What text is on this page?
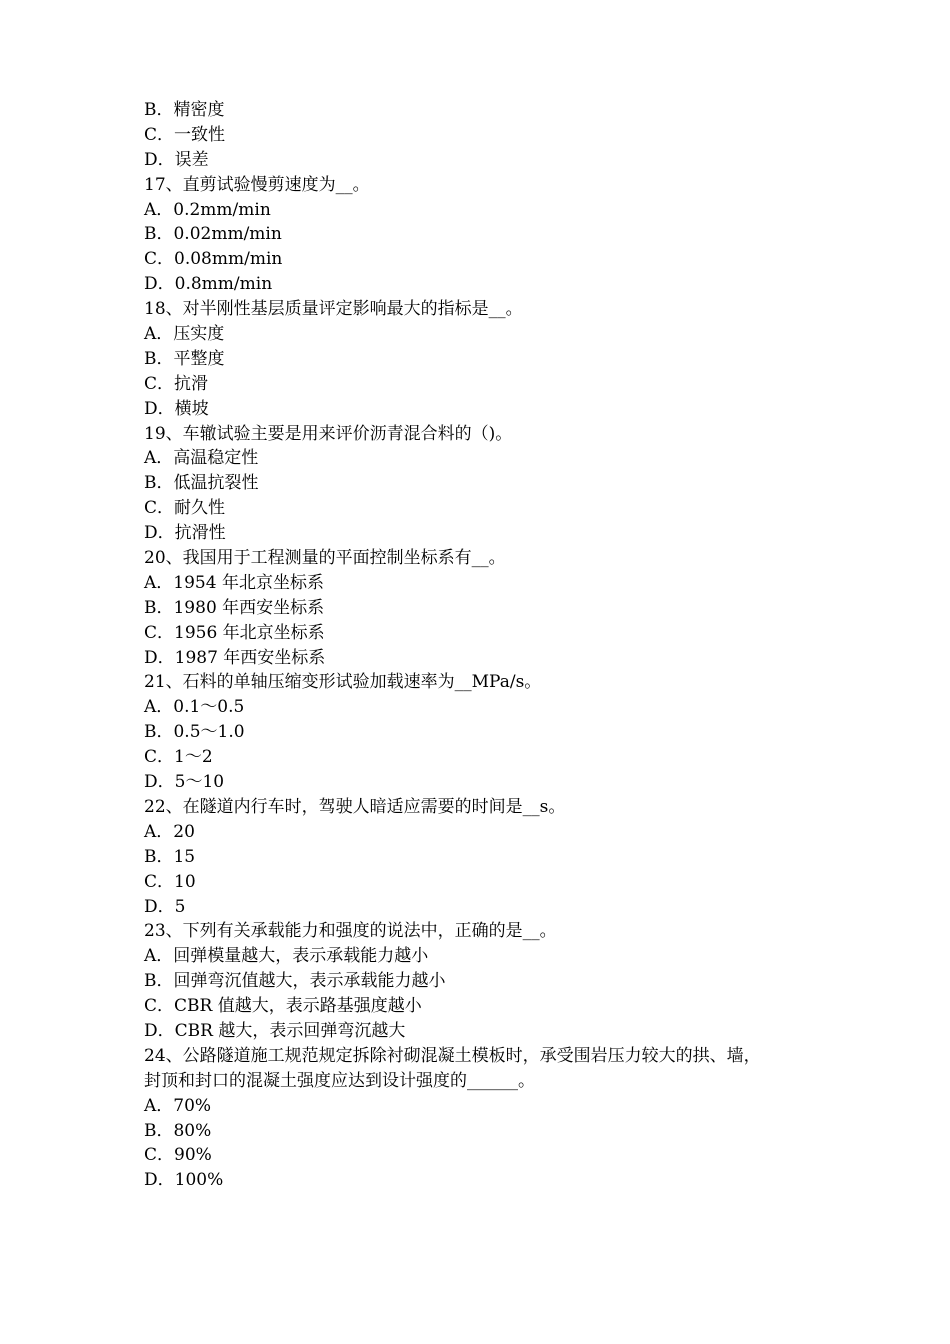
B．精密度
C．一致性
D．误差
17、直剪试验慢剪速度为__。
A．0.2mm/min
B．0.02mm/min
C．0.08mm/min
D．0.8mm/min
18、对半刚性基层质量评定影响最大的指标是__。
A．压实度
B．平整度
C．抗滑
D．横坡
19、车辙试验主要是用来评价沥青混合料的（)。
A．高温稳定性
B．低温抗裂性
C．耐久性
D．抗滑性
20、我国用于工程测量的平面控制坐标系有__。
A．1954 年北京坐标系
B．1980 年西安坐标系
C．1956 年北京坐标系
D．1987 年西安坐标系
21、石料的单轴压缩变形试验加载速率为__MPa/s。
A．0.1～0.5
B．0.5～1.0
C．1～2
D．5～10
22、在隧道内行车时，驾驶人暗适应需要的时间是__s。
A．20
B．15
C．10
D．5
23、下列有关承载能力和强度的说法中，正确的是__。
A．回弹模量越大，表示承载能力越小
B．回弹弯沉值越大，表示承载能力越小
C．CBR 值越大，表示路基强度越小
D．CBR 越大，表示回弹弯沉越大
24、公路隧道施工规范规定拆除衬砌混凝土模板时，承受围岩压力较大的拱、墙，
封顶和封口的混凝土强度应达到设计强度的______。
A．70%
B．80%
C．90%
D．100%
